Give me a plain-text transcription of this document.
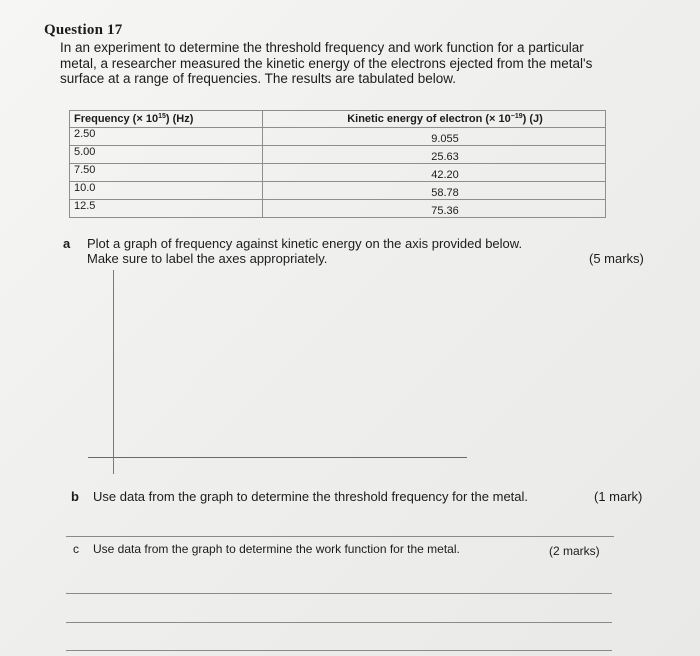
Question 17
In an experiment to determine the threshold frequency and work function for a particular
metal, a researcher measured the kinetic energy of the electrons ejected from the metal's
surface at a range of frequencies. The results are tabulated below.
Frequency (× $10^{15}$) (Hz)	Kinetic energy of electron (× $10^{-19}$) (J)
2.50	9.055
5.00	25.63
7.50	42.20
10.0	58.78
12.5	75.36
a Plot a graph of frequency against kinetic energy on the axis provided below.
Make sure to label the axes appropriately.	(5 marks)
b Use data from the graph to determine the threshold frequency for the metal.	(1 mark)
c Use data from the graph to determine the work function for the metal.	(2 marks)
